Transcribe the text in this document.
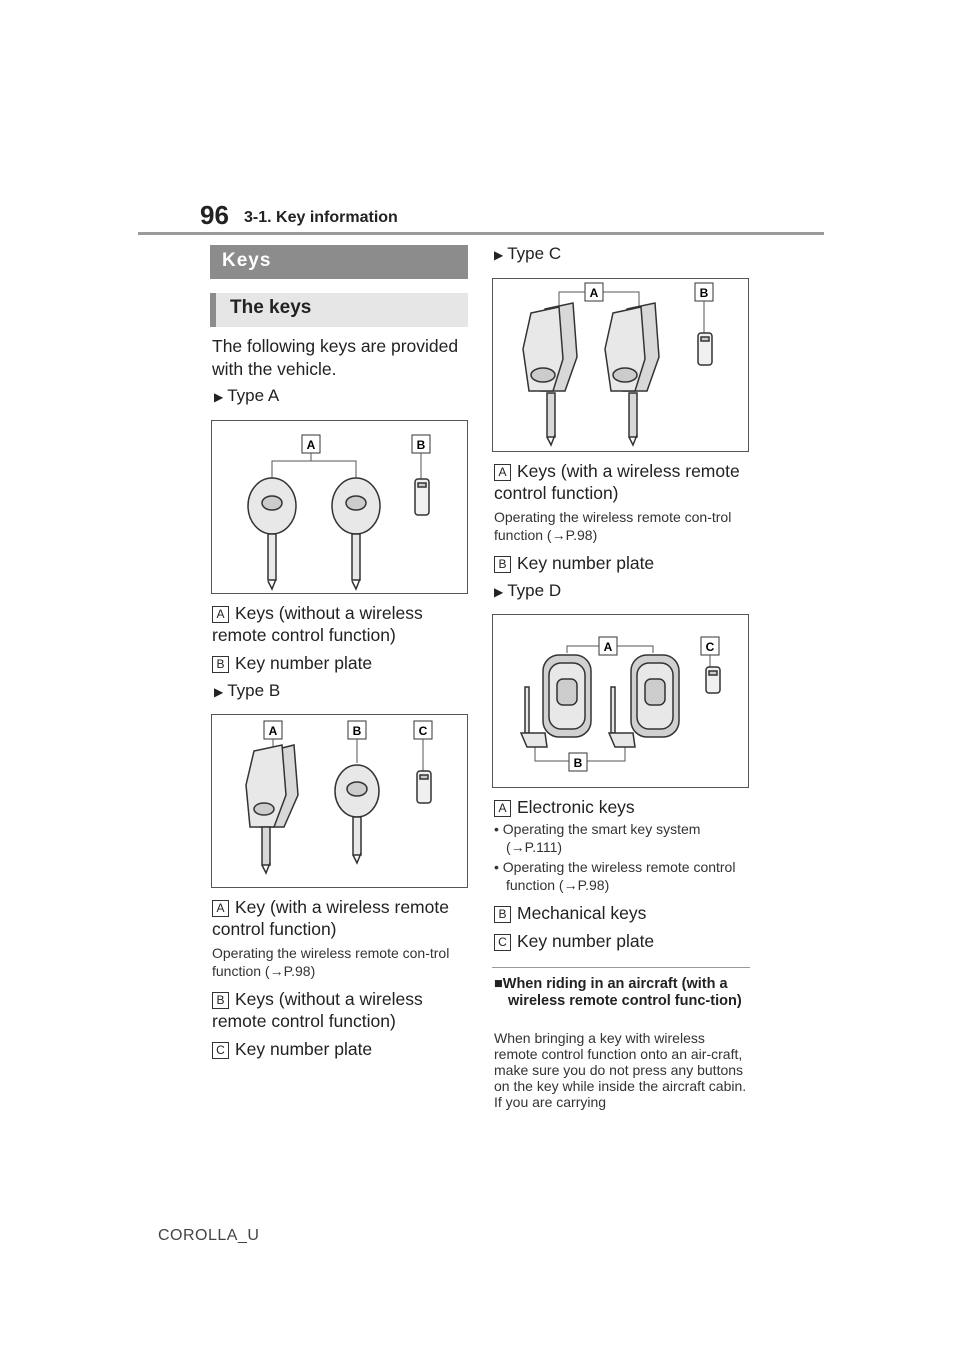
96 3-1. Key information
Keys
The keys
The following keys are provided with the vehicle.
▶ Type A
A	B
A Keys (without a wireless remote control function)
B Key number plate
▶ Type B
A	B	C
A Key (with a wireless remote control function)
Operating the wireless remote con-trol function (→P.98)
B Keys (without a wireless remote control function)
C Key number plate
▶ Type C
A	B
A Keys (with a wireless remote control function)
Operating the wireless remote con-trol function (→P.98)
B Key number plate
▶ Type D
A	C
B
A Electronic keys
• Operating the smart key system (→P.111)
• Operating the wireless remote control function (→P.98)
B Mechanical keys
C Key number plate
■When riding in an aircraft (with a wireless remote control func-tion)
When bringing a key with wireless remote control function onto an air-craft, make sure you do not press any buttons on the key while inside the aircraft cabin. If you are carrying
COROLLA_U
